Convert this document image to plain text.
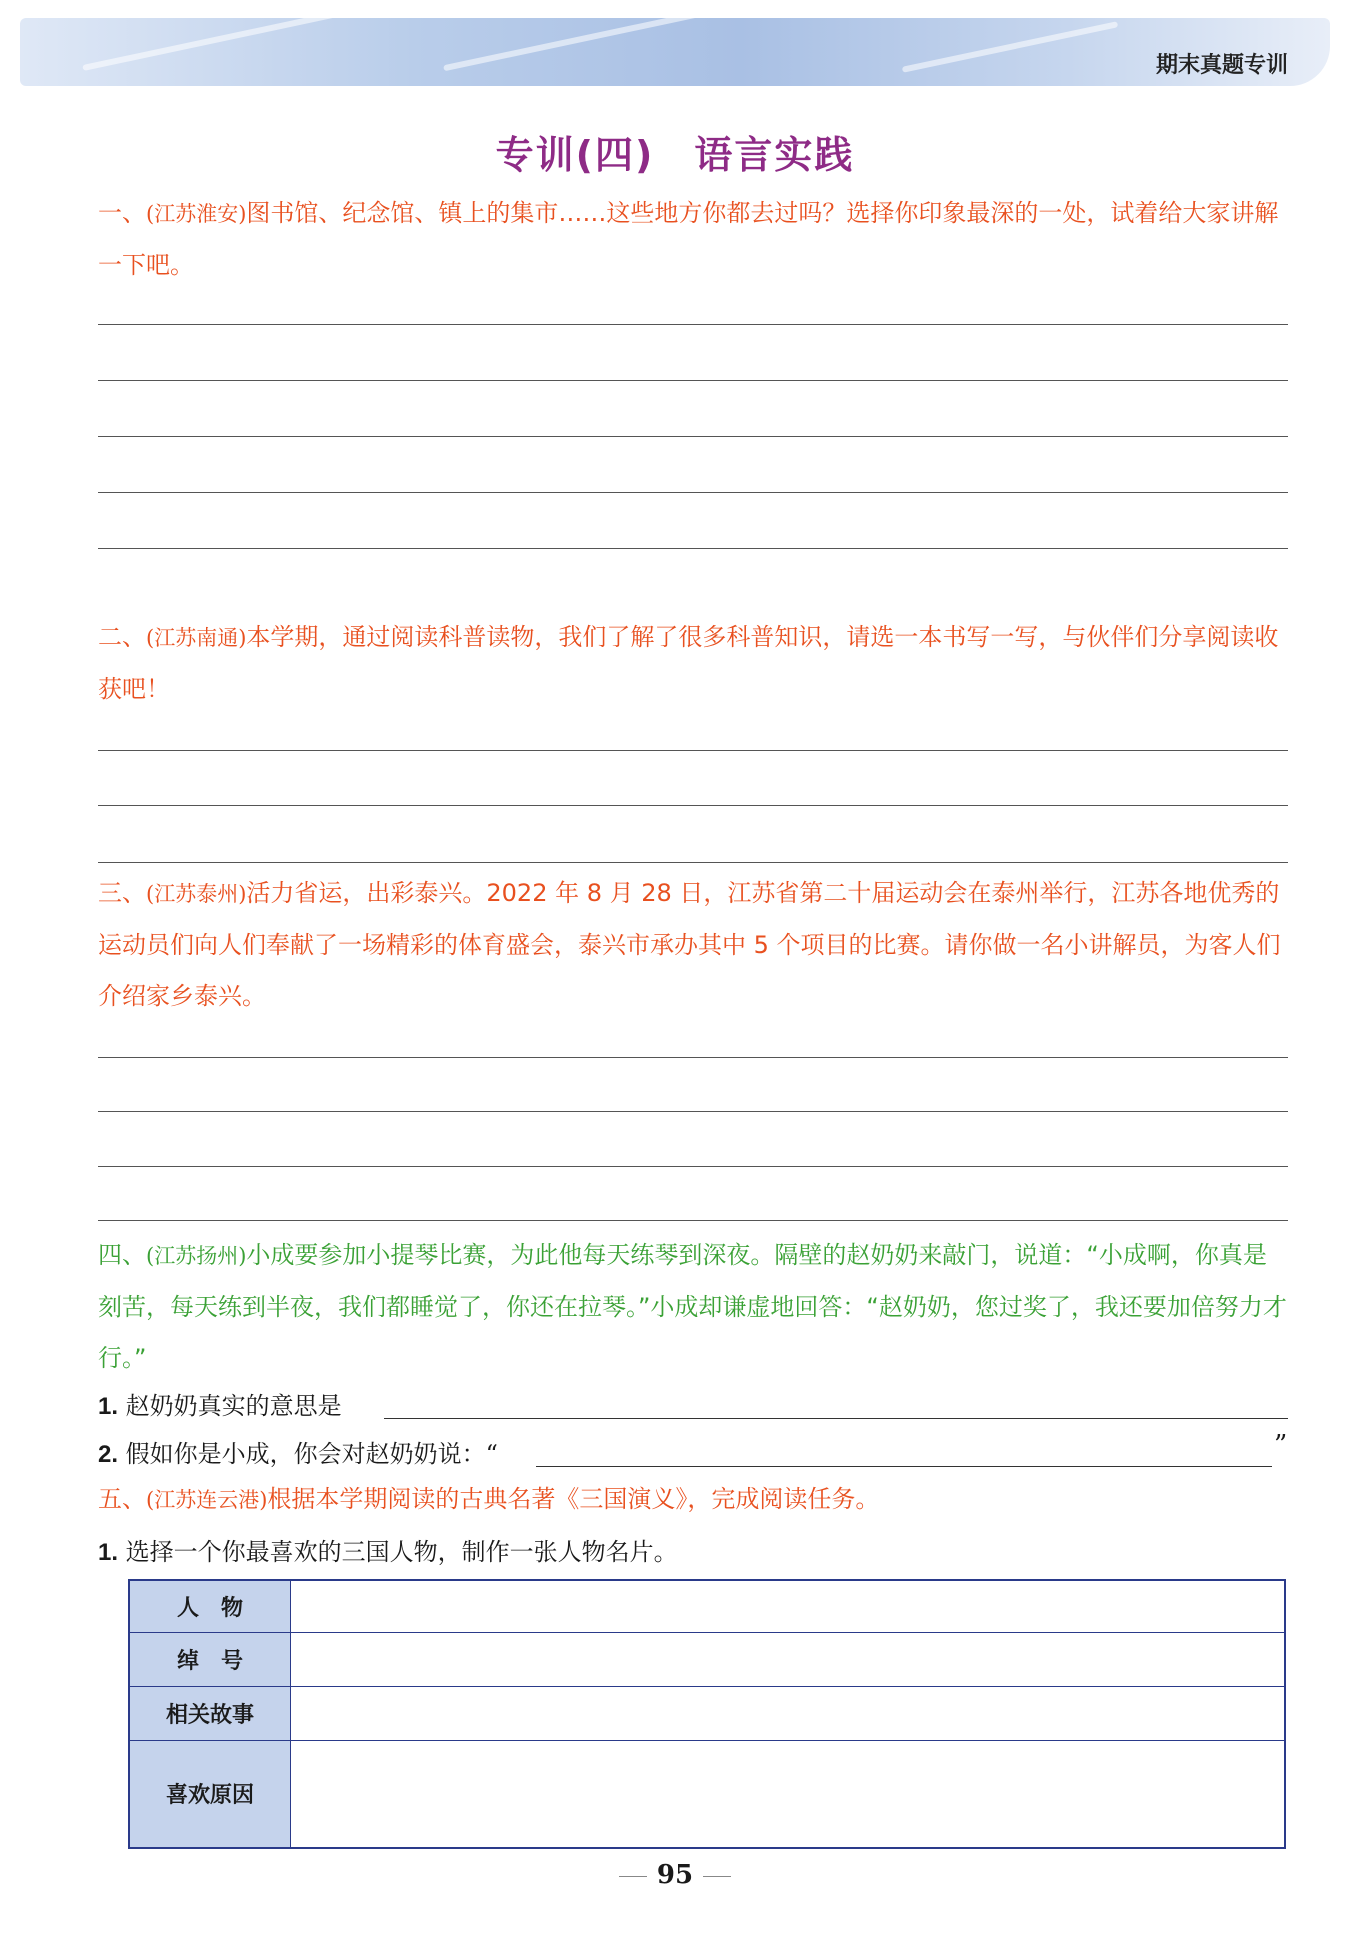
期末真题专训
专训(四) 语言实践
一、(江苏淮安)图书馆、纪念馆、镇上的集市……这些地方你都去过吗？选择你印象最深的一处，试着给大家讲解一下吧。
二、(江苏南通)本学期，通过阅读科普读物，我们了解了很多科普知识，请选一本书写一写，与伙伴们分享阅读收获吧！
三、(江苏泰州)活力省运，出彩泰兴。2022 年 8 月 28 日，江苏省第二十届运动会在泰州举行，江苏各地优秀的运动员们向人们奉献了一场精彩的体育盛会，泰兴市承办其中 5 个项目的比赛。请你做一名小讲解员，为客人们介绍家乡泰兴。
四、(江苏扬州)小成要参加小提琴比赛，为此他每天练琴到深夜。隔壁的赵奶奶来敲门，说道：“小成啊，你真是刻苦，每天练到半夜，我们都睡觉了，你还在拉琴。”小成却谦虚地回答：“赵奶奶，您过奖了，我还要加倍努力才行。”
1. 赵奶奶真实的意思是
2. 假如你是小成，你会对赵奶奶说：“	”
五、(江苏连云港)根据本学期阅读的古典名著《三国演义》，完成阅读任务。
1. 选择一个你最喜欢的三国人物，制作一张人物名片。
人　物	
绰　号	
相关故事	
喜欢原因	
95
